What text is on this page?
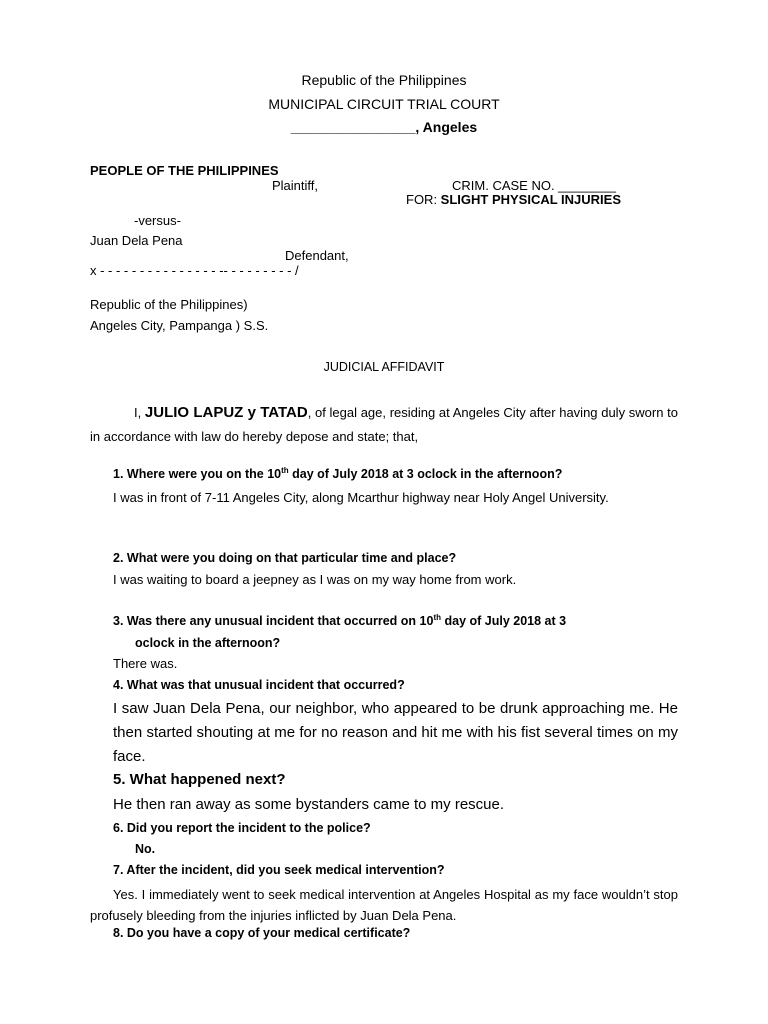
Republic of the Philippines
MUNICIPAL CIRCUIT TRIAL COURT
________________, Angeles
PEOPLE OF THE PHILIPPINES
Plaintiff,	CRIM. CASE NO. ________
FOR: SLIGHT PHYSICAL INJURIES
-versus-
Juan Dela Pena
Defendant,
x - - - - - - - - - - - - - - - -- - - - - - - - - /
Republic of the Philippines)
Angeles City, Pampanga ) S.S.
JUDICIAL AFFIDAVIT
I, JULIO LAPUZ y TATAD, of legal age, residing at Angeles City after having duly sworn to in accordance with law do hereby depose and state; that,
1. Where were you on the 10th day of July 2018 at 3 oclock in the afternoon?
I was in front of 7-11 Angeles City, along Mcarthur highway near Holy Angel University.
2. What were you doing on that particular time and place?
I was waiting to board a jeepney as I was on my way home from work.
3. Was there any unusual incident that occurred on 10th day of July 2018 at 3
oclock in the afternoon?
There was.
4. What was that unusual incident that occurred?
I saw Juan Dela Pena, our neighbor, who appeared to be drunk approaching me. He then started shouting at me for no reason and hit me with his fist several times on my face.
5. What happened next?
He then ran away as some bystanders came to my rescue.
6. Did you report the incident to the police?
No.
7. After the incident, did you seek medical intervention?
Yes. I immediately went to seek medical intervention at Angeles Hospital as my face wouldn’t stop profusely bleeding from the injuries inflicted by Juan Dela Pena.
8. Do you have a copy of your medical certificate?
